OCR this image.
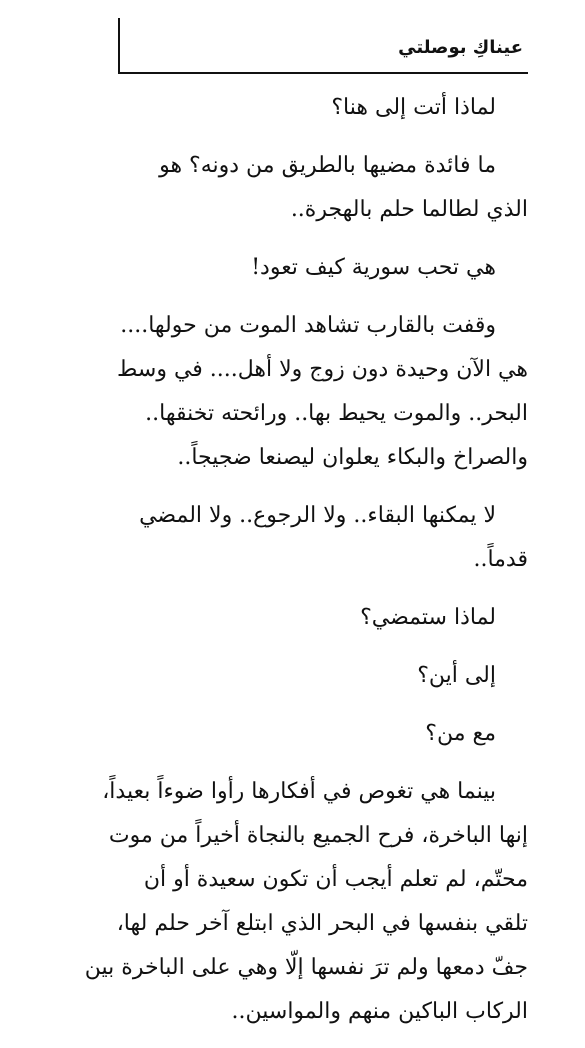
عيناكِ بوصلتي

لماذا أتت إلى هنا؟

ما فائدة مضيها بالطريق من دونه؟ هو
الذي لطالما حلم بالهجرة..

هي تحب سورية كيف تعود!

وقفت بالقارب تشاهد الموت من حولها....
هي الآن وحيدة دون زوج ولا أهل.... في وسط
البحر.. والموت يحيط بها.. ورائحته تخنقها..
والصراخ والبكاء يعلوان ليصنعا ضجيجاً..

لا يمكنها البقاء.. ولا الرجوع.. ولا المضي
قدماً..

لماذا ستمضي؟

إلى أين؟

مع من؟

بينما هي تغوص في أفكارها رأوا ضوءاً بعيداً،
إنها الباخرة، فرح الجميع بالنجاة أخيراً من موت
محتّم، لم تعلم أيجب أن تكون سعيدة أو أن
تلقي بنفسها في البحر الذي ابتلع آخر حلم لها،
جفّ دمعها ولم ترَ نفسها إلّا وهي على الباخرة بين
الركاب الباكين منهم والمواسين..
